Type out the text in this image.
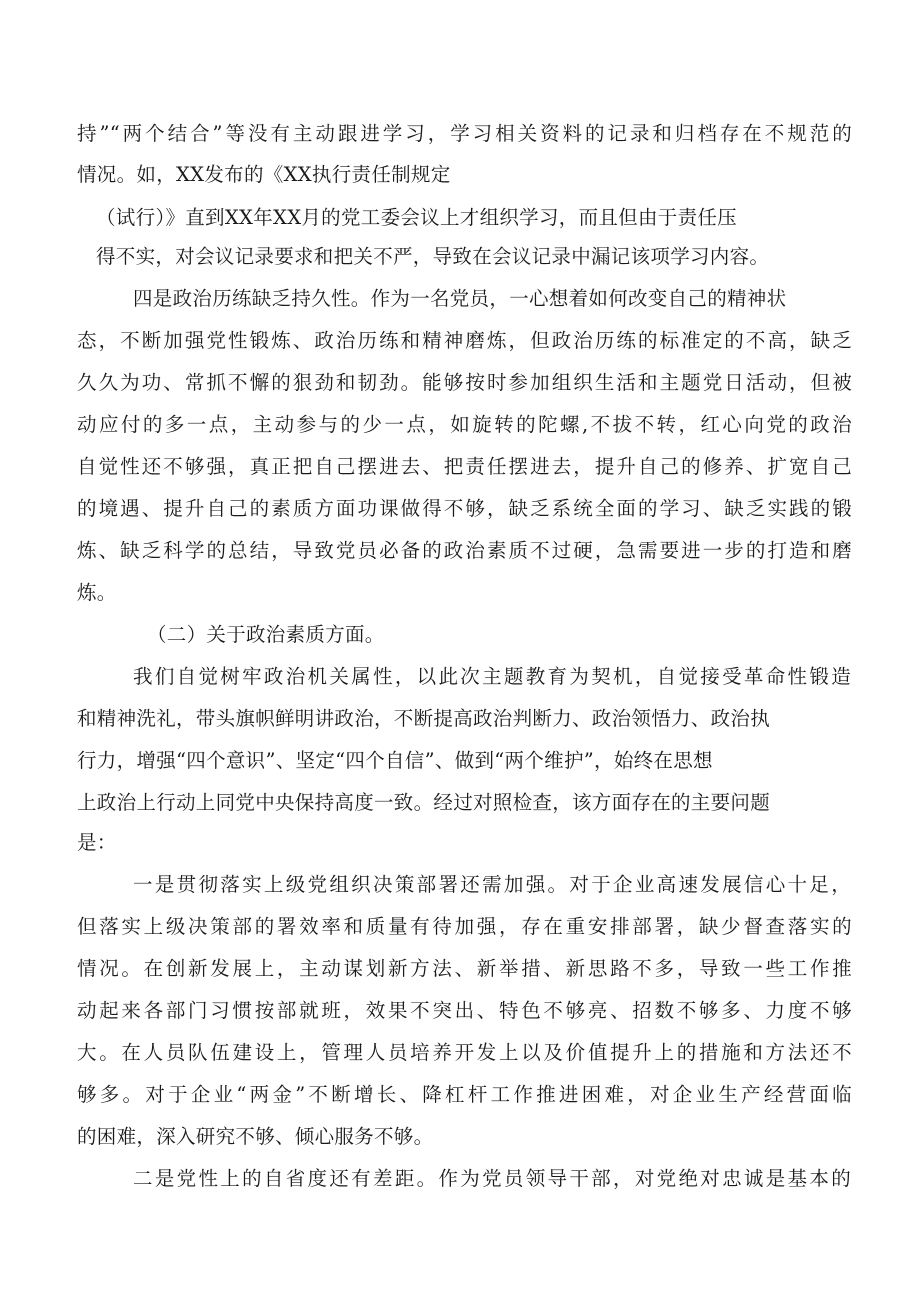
持”“两个结合”等没有主动跟进学习，学习相关资料的记录和归档存在不规范的
情况。如，XX发布的《XX执行责任制规定
（试行）》直到XX年XX月的党工委会议上才组织学习，而且但由于责任压
得不实，对会议记录要求和把关不严，导致在会议记录中漏记该项学习内容。
四是政治历练缺乏持久性。作为一名党员，一心想着如何改变自己的精神状
态，不断加强党性锻炼、政治历练和精神磨炼，但政治历练的标准定的不高，缺乏
久久为功、常抓不懈的狠劲和韧劲。能够按时参加组织生活和主题党日活动，但被
动应付的多一点，主动参与的少一点，如旋转的陀螺,不拔不转，红心向党的政治
自觉性还不够强，真正把自己摆进去、把责任摆进去，提升自己的修养、扩宽自己
的境遇、提升自己的素质方面功课做得不够，缺乏系统全面的学习、缺乏实践的锻
炼、缺乏科学的总结，导致党员必备的政治素质不过硬，急需要进一步的打造和磨
炼。
（二）关于政治素质方面。
我们自觉树牢政治机关属性，以此次主题教育为契机，自觉接受革命性锻造
和精神洗礼，带头旗帜鲜明讲政治，不断提高政治判断力、政治领悟力、政治执
行力，增强“四个意识”、坚定“四个自信”、做到“两个维护”，始终在思想
上政治上行动上同党中央保持高度一致。经过对照检查，该方面存在的主要问题
是：
一是贯彻落实上级党组织决策部署还需加强。对于企业高速发展信心十足，
但落实上级决策部的署效率和质量有待加强，存在重安排部署，缺少督查落实的
情况。在创新发展上，主动谋划新方法、新举措、新思路不多，导致一些工作推
动起来各部门习惯按部就班，效果不突出、特色不够亮、招数不够多、力度不够
大。在人员队伍建设上，管理人员培养开发上以及价值提升上的措施和方法还不
够多。对于企业“两金”不断增长、降杠杆工作推进困难，对企业生产经营面临
的困难，深入研究不够、倾心服务不够。
二是党性上的自省度还有差距。作为党员领导干部，对党绝对忠诚是基本的
